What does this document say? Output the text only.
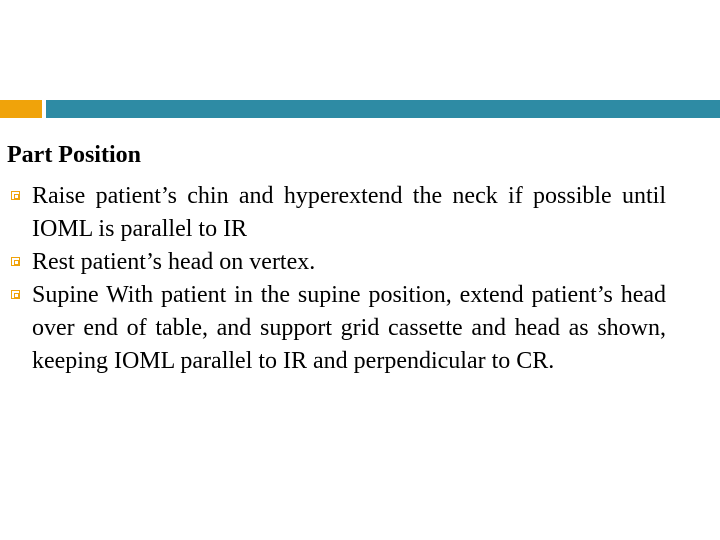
Part Position
Raise patient’s chin and hyperextend the neck if possible until IOML is parallel to IR
Rest patient’s head on vertex.
Supine With patient in the supine position, extend patient’s head over end of table, and support grid cassette and head as shown, keeping IOML parallel to IR and perpendicular to CR.
